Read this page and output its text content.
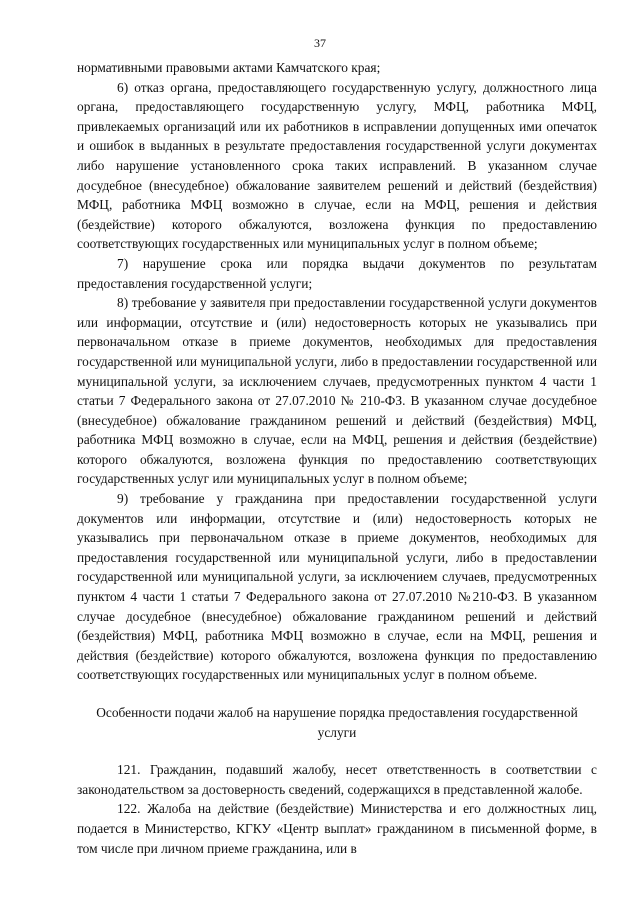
37

нормативными правовыми актами Камчатского края;

6) отказ органа, предоставляющего государственную услугу, должностного лица органа, предоставляющего государственную услугу, МФЦ, работника МФЦ, привлекаемых организаций или их работников в исправлении допущенных ими опечаток и ошибок в выданных в результате предоставления государственной услуги документах либо нарушение установленного срока таких исправлений. В указанном случае досудебное (внесудебное) обжалование заявителем решений и действий (бездействия) МФЦ, работника МФЦ возможно в случае, если на МФЦ, решения и действия (бездействие) которого обжалуются, возложена функция по предоставлению соответствующих государственных или муниципальных услуг в полном объеме;

7) нарушение срока или порядка выдачи документов по результатам предоставления государственной услуги;

8) требование у заявителя при предоставлении государственной услуги документов или информации, отсутствие и (или) недостоверность которых не указывались при первоначальном отказе в приеме документов, необходимых для предоставления государственной или муниципальной услуги, либо в предоставлении государственной или муниципальной услуги, за исключением случаев, предусмотренных пунктом 4 части 1 статьи 7 Федерального закона от 27.07.2010 № 210-ФЗ. В указанном случае досудебное (внесудебное) обжалование гражданином решений и действий (бездействия) МФЦ, работника МФЦ возможно в случае, если на МФЦ, решения и действия (бездействие) которого обжалуются, возложена функция по предоставлению соответствующих государственных услуг или муниципальных услуг в полном объеме;

9) требование у гражданина при предоставлении государственной услуги документов или информации, отсутствие и (или) недостоверность которых не указывались при первоначальном отказе в приеме документов, необходимых для предоставления государственной или муниципальной услуги, либо в предоставлении государственной или муниципальной услуги, за исключением случаев, предусмотренных пунктом 4 части 1 статьи 7 Федерального закона от 27.07.2010 №210-ФЗ. В указанном случае досудебное (внесудебное) обжалование гражданином решений и действий (бездействия) МФЦ, работника МФЦ возможно в случае, если на МФЦ, решения и действия (бездействие) которого обжалуются, возложена функция по предоставлению соответствующих государственных или муниципальных услуг в полном объеме.

Особенности подачи жалоб на нарушение порядка предоставления государственной услуги

121. Гражданин, подавший жалобу, несет ответственность в соответствии с законодательством за достоверность сведений, содержащихся в представленной жалобе.

122. Жалоба на действие (бездействие) Министерства и его должностных лиц, подается в Министерство, КГКУ «Центр выплат» гражданином в письменной форме, в том числе при личном приеме гражданина, или в
